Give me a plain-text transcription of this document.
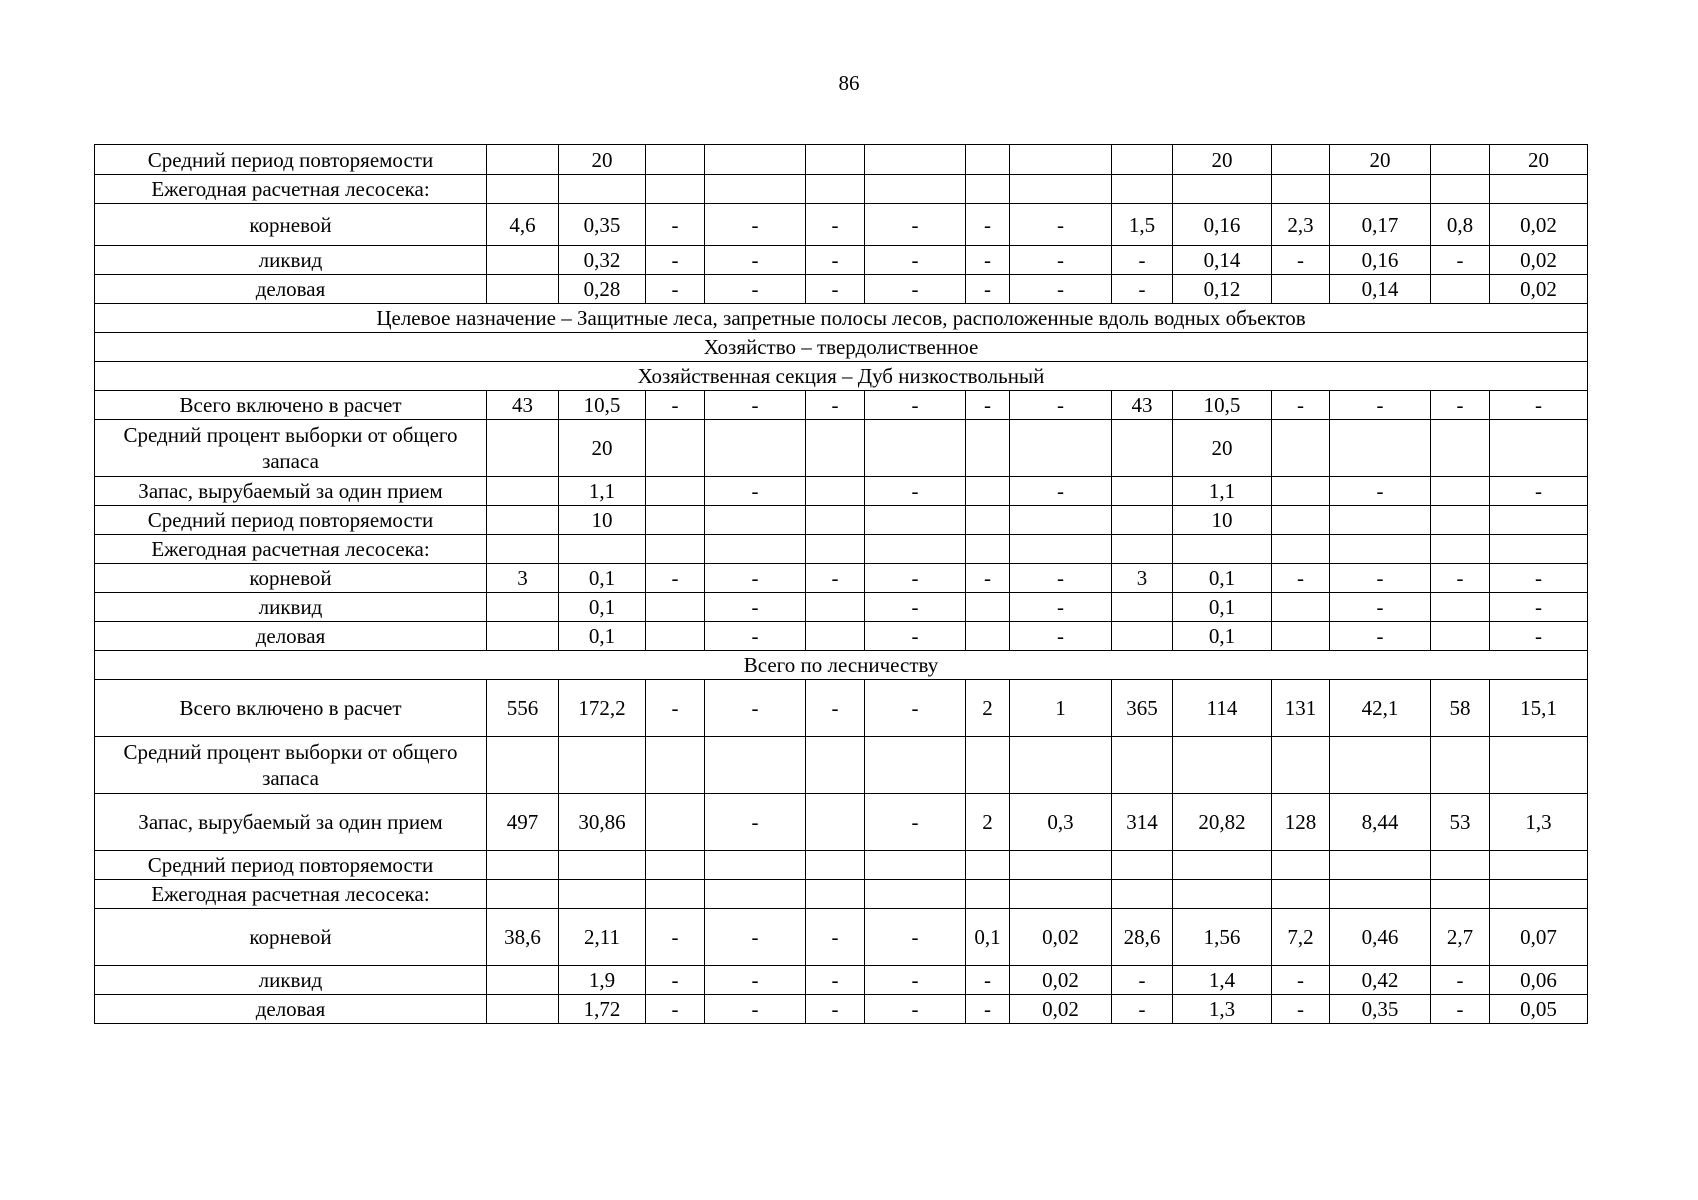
86
Средний период повторяемости		20								20		20		20
Ежегодная расчетная лесосека:														
корневой	4,6	0,35	-	-	-	-	-	-	1,5	0,16	2,3	0,17	0,8	0,02
ликвид		0,32	-	-	-	-	-	-	-	0,14	-	0,16	-	0,02
деловая		0,28	-	-	-	-	-	-	-	0,12		0,14		0,02
Целевое назначение – Защитные леса, запретные полосы лесов, расположенные вдоль водных объектов														
Хозяйство – твердолиственное														
Хозяйственная секция – Дуб низкоствольный														
Всего включено в расчет	43	10,5	-	-	-	-	-	-	43	10,5	-	-	-	-
Средний процент выборки от общего запаса		20								20				
Запас, вырубаемый за один прием		1,1		-		-		-		1,1		-		-
Средний период повторяемости		10								10				
Ежегодная расчетная лесосека:														
корневой	3	0,1	-	-	-	-	-	-	3	0,1	-	-	-	-
ликвид		0,1		-		-		-		0,1		-		-
деловая		0,1		-		-		-		0,1		-		-
Всего по лесничеству														
Всего включено в расчет	556	172,2	-	-	-	-	2	1	365	114	131	42,1	58	15,1
Средний процент выборки от общего запаса														
Запас, вырубаемый за один прием	497	30,86		-		-	2	0,3	314	20,82	128	8,44	53	1,3
Средний период повторяемости														
Ежегодная расчетная лесосека:														
корневой	38,6	2,11	-	-	-	-	0,1	0,02	28,6	1,56	7,2	0,46	2,7	0,07
ликвид		1,9	-	-	-	-	-	0,02	-	1,4	-	0,42	-	0,06
деловая		1,72	-	-	-	-	-	0,02	-	1,3	-	0,35	-	0,05
